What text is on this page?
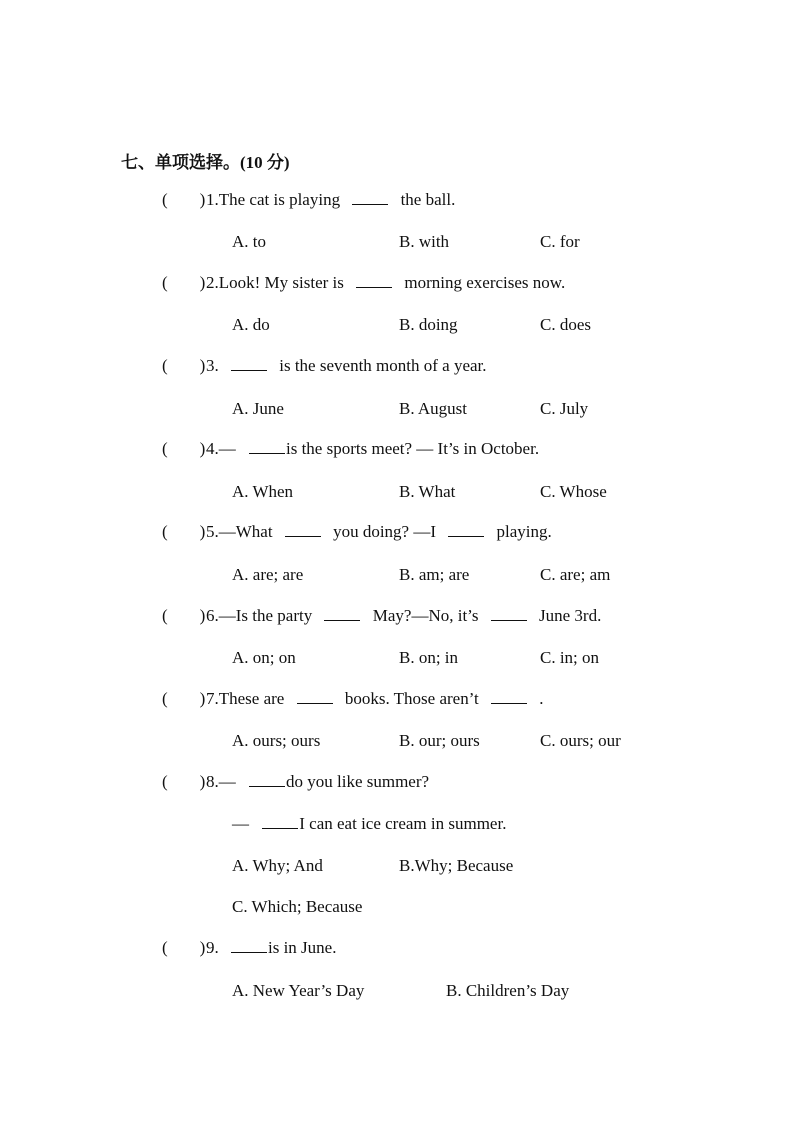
七、单项选择。(10 分)
( ) 1.The cat is playing	the ball.
A. to	B. with	C. for
( ) 2.Look! My sister is	morning exercises now.
A. do	B. doing	C. does
( ) 3.	is the seventh month of a year.
A. June	B. August	C. July
( ) 4.—	is the sports meet? — It’s in October.
A. When	B. What	C. Whose
( ) 5.—What	you doing? —I	playing.
A. are; are	B. am; are	C. are; am
( ) 6.—Is the party	May?—No, it’s	June 3rd.
A. on; on	B. on; in	C. in; on
( ) 7.These are	books. Those aren’t	.
A. ours; ours	B. our; ours	C. ours; our
( ) 8.—	do you like summer?
—	I can eat ice cream in summer.
A. Why; And	B.Why; Because
C. Which; Because
( ) 9.	is in June.
A. New Year’s Day	B. Children’s Day
